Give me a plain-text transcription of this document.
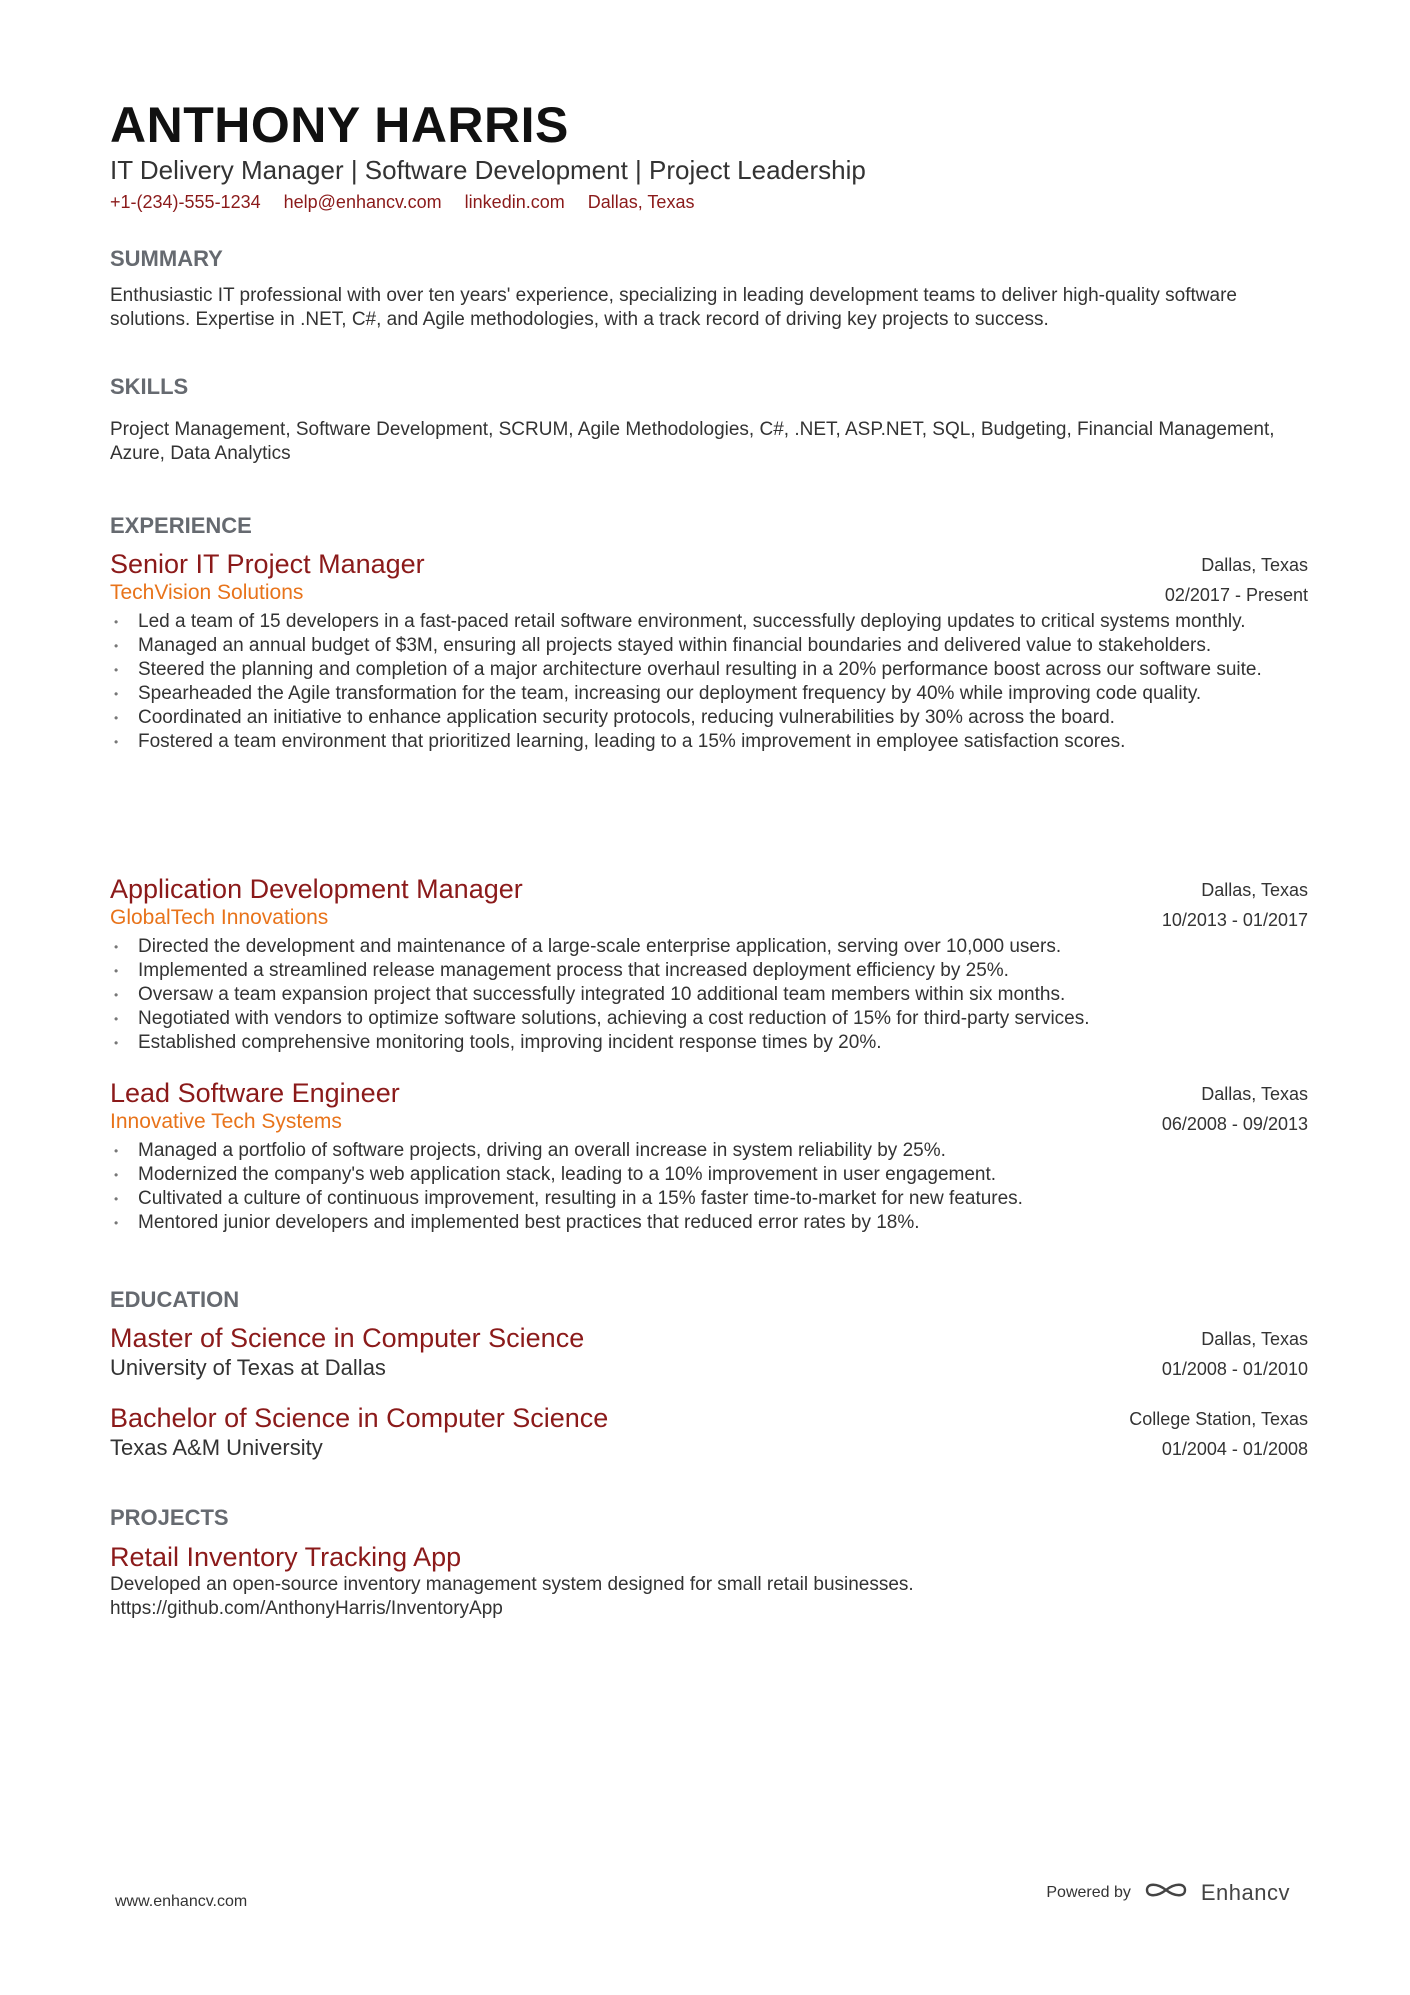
ANTHONY HARRIS
IT Delivery Manager | Software Development | Project Leadership
+1-(234)-555-1234 help@enhancv.com linkedin.com Dallas, Texas
SUMMARY
Enthusiastic IT professional with over ten years' experience, specializing in leading development teams to deliver high-quality software solutions. Expertise in .NET, C#, and Agile methodologies, with a track record of driving key projects to success.
SKILLS
Project Management, Software Development, SCRUM, Agile Methodologies, C#, .NET, ASP.NET, SQL, Budgeting, Financial Management, Azure, Data Analytics
EXPERIENCE
Senior IT Project Manager
TechVision Solutions
Dallas, Texas
02/2017 - Present
• Led a team of 15 developers in a fast-paced retail software environment, successfully deploying updates to critical systems monthly.
• Managed an annual budget of $3M, ensuring all projects stayed within financial boundaries and delivered value to stakeholders.
• Steered the planning and completion of a major architecture overhaul resulting in a 20% performance boost across our software suite.
• Spearheaded the Agile transformation for the team, increasing our deployment frequency by 40% while improving code quality.
• Coordinated an initiative to enhance application security protocols, reducing vulnerabilities by 30% across the board.
• Fostered a team environment that prioritized learning, leading to a 15% improvement in employee satisfaction scores.
Application Development Manager
GlobalTech Innovations
Dallas, Texas
10/2013 - 01/2017
• Directed the development and maintenance of a large-scale enterprise application, serving over 10,000 users.
• Implemented a streamlined release management process that increased deployment efficiency by 25%.
• Oversaw a team expansion project that successfully integrated 10 additional team members within six months.
• Negotiated with vendors to optimize software solutions, achieving a cost reduction of 15% for third-party services.
• Established comprehensive monitoring tools, improving incident response times by 20%.
Lead Software Engineer
Innovative Tech Systems
Dallas, Texas
06/2008 - 09/2013
• Managed a portfolio of software projects, driving an overall increase in system reliability by 25%.
• Modernized the company's web application stack, leading to a 10% improvement in user engagement.
• Cultivated a culture of continuous improvement, resulting in a 15% faster time-to-market for new features.
• Mentored junior developers and implemented best practices that reduced error rates by 18%.
EDUCATION
Master of Science in Computer Science
University of Texas at Dallas
Dallas, Texas
01/2008 - 01/2010
Bachelor of Science in Computer Science
Texas A&M University
College Station, Texas
01/2004 - 01/2008
PROJECTS
Retail Inventory Tracking App
Developed an open-source inventory management system designed for small retail businesses.
https://github.com/AnthonyHarris/InventoryApp
www.enhancv.com
Powered by	Enhancv
